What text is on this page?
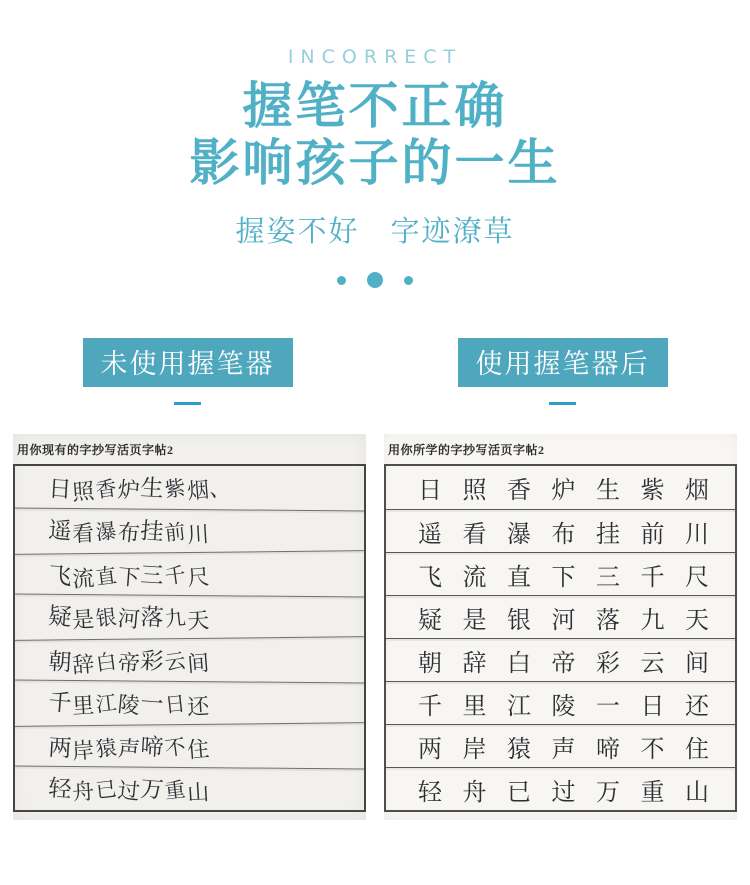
INCORRECT
握笔不正确
影响孩子的一生
握姿不好　字迹潦草
未使用握笔器	使用握笔器后
用你现有的字抄写活页字帖2
日 照 香
炉
生 紫 烟
、
遥 看 瀑
布
挂 前 川
飞 流 直
下
三 千 尺
疑 是 银
河
落 九 天
朝 辞 白
帝
彩 云 间
千 里 江
陵
一 日 还
两 岸 猿
声
啼 不 住
轻 舟 已
过
万 重 山
用你所学的字抄写活页字帖2
日 照 香 炉 生 紫 烟
遥 看 瀑 布 挂 前 川
飞 流 直 下 三 千 尺
疑 是 银 河 落 九 天
朝 辞 白 帝 彩 云 间
千 里 江 陵 一 日 还
两 岸 猿 声 啼 不 住
轻 舟 已 过 万 重 山
